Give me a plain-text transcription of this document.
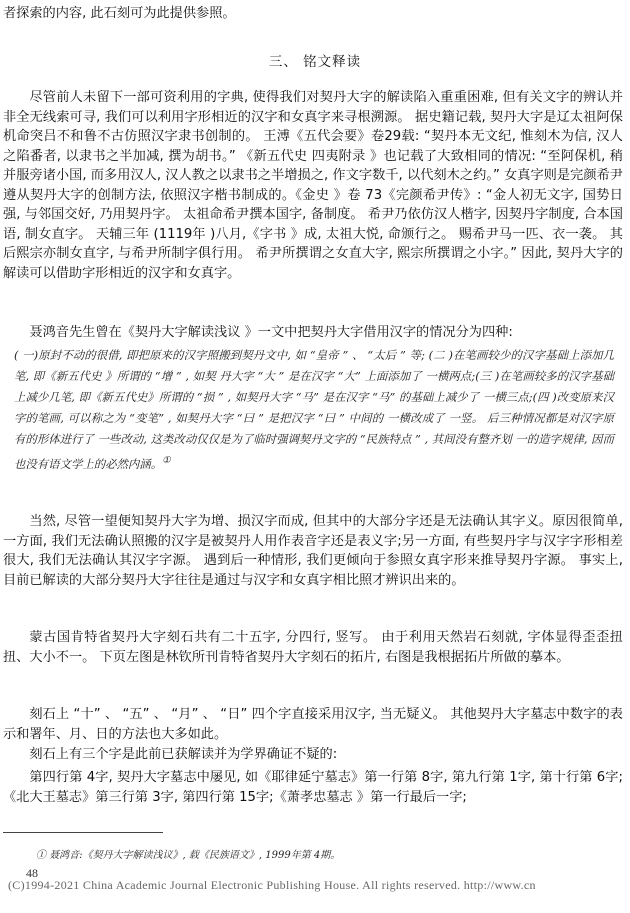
者探索的内容, 此石刻可为此提供参照。

三、 铭文释读

尽管前人未留下一部可资利用的字典, 使得我们对契丹大字的解读陷入重重困难, 但有关文字的辨认并非全无线索可寻, 我们可以利用字形相近的汉字和女真字来寻根溯源。 据史籍记载, 契丹大字是辽太祖阿保机命突吕不和鲁不古仿照汉字隶书创制的。 王溥《五代会要》卷29载: “契丹本无文纪, 惟刻木为信, 汉人之陷番者, 以隶书之半加减, 撰为胡书。” 《新五代史 四夷附录 》也记载了大致相同的情况: “至阿保机, 稍并服旁诸小国, 而多用汉人, 汉人教之以隶书之半增损之, 作文字数千, 以代刻木之约。” 女真字则是完颜希尹遵从契丹大字的创制方法, 依照汉字楷书制成的。《金史 》卷 73《完颜希尹传》: “金人初无文字, 国势日强, 与邻国交好, 乃用契丹字。 太祖命希尹撰本国字, 备制度。 希尹乃依仿汉人楷字, 因契丹字制度, 合本国语, 制女直字。 天辅三年 (1119年 )八月,《字书 》成, 太祖大悦, 命颁行之。 赐希尹马一匹、衣一袭。 其后熙宗亦制女直字, 与希尹所制字俱行用。 希尹所撰谓之女直大字, 熙宗所撰谓之小字。” 因此, 契丹大字的解读可以借助字形相近的汉字和女真字。

聂鸿音先生曾在《契丹大字解读浅议 》一文中把契丹大字借用汉字的情况分为四种:

( 一)原封不动的很借, 即把原来的汉字照搬到契丹文中, 如 “皇帝 ” 、 “太后 ” 等; (二 )在笔画较少的汉字基础上添加几笔, 即《新五代史 》所谓的 “增 ” , 如契 丹大字 “大 ” 是在汉字 “大” 上面添加了 一横两点;(三 )在笔画较多的汉字基础上减少几笔, 即《新五代史》所谓的 “损 ” , 如契丹大字 “马” 是在汉字 “马” 的基础上减少了 一横三点;(四 )改变原来汉字的笔画, 可以称之为 “变笔” , 如契丹大字 “曰 ” 是把汉字 “曰 ” 中间的 一横改成了 一竖。 后三种情况都是对汉字原有的形体进行了 一些改动, 这类改动仅仅是为了临时强调契丹文字的 “民族特点 ” , 其间没有整齐划 一的造字规律, 因而也没有语文学上的必然内涵。①

当然, 尽管一望便知契丹大字为增、损汉字而成, 但其中的大部分字还是无法确认其字义。原因很简单, 一方面, 我们无法确认照搬的汉字是被契丹人用作表音字还是表义字;另一方面, 有些契丹字与汉字字形相差很大, 我们无法确认其汉字字源。 遇到后一种情形, 我们更倾向于参照女真字形来推导契丹字源。 事实上, 目前已解读的大部分契丹大字往往是通过与汉字和女真字相比照才辨识出来的。

蒙古国肯特省契丹大字刻石共有二十五字, 分四行, 竖写。 由于利用天然岩石刻就, 字体显得歪歪扭扭、大小不一。 下页左图是林钦所刊肯特省契丹大字刻石的拓片, 右图是我根据拓片所做的摹本。

刻石上 “十” 、 “五” 、 “月” 、 “日” 四个字直接采用汉字, 当无疑义。 其他契丹大字墓志中数字的表示和署年、月、日的方法也大多如此。

刻石上有三个字是此前已获解读并为学界确证不疑的:

第四行第 4字, 契丹大字墓志中屡见, 如《耶律延宁墓志》第一行第 8字, 第九行第 1字, 第十行第 6字;《北大王墓志》第三行第 3字, 第四行第 15字;《萧孝忠墓志 》第一行最后一字;

① 聂鸿音:《契丹大字解读浅议》, 载《民族语文》, 1999年第 4期。
48
(C)1994-2021 China Academic Journal Electronic Publishing House. All rights reserved. http://www.cn
